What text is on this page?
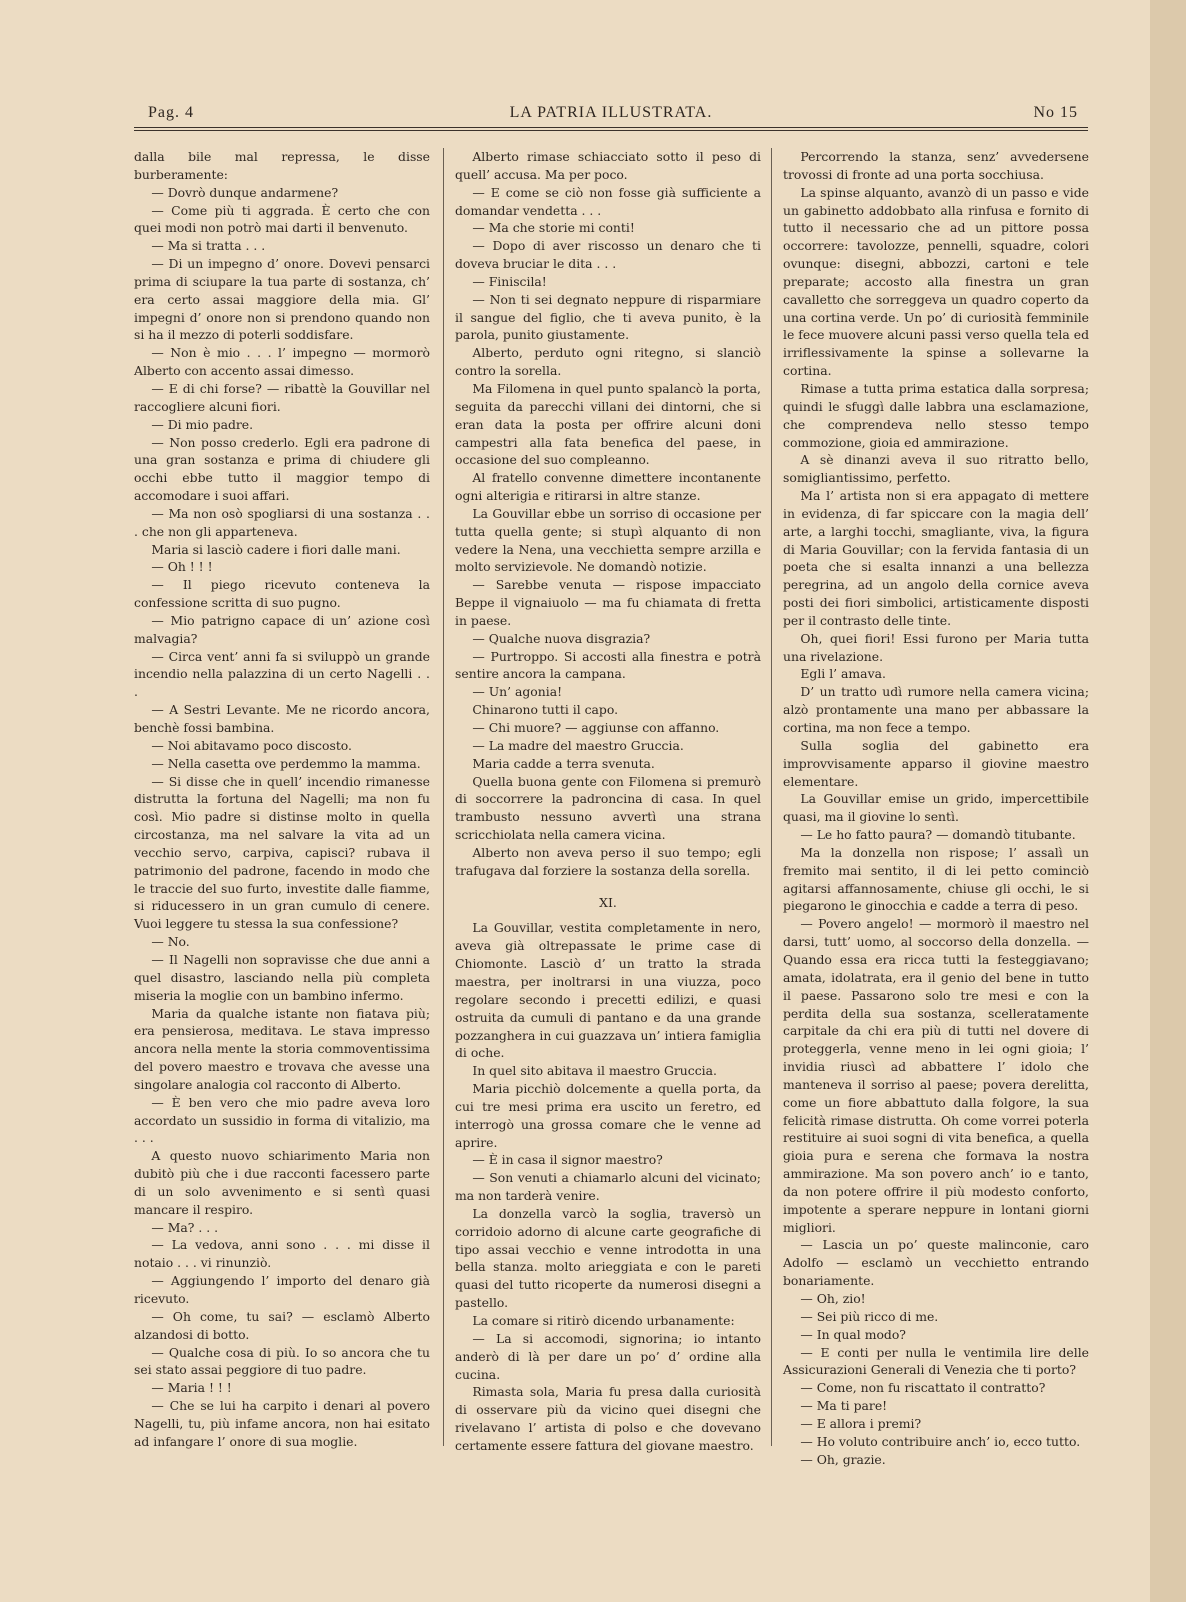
Pag. 4	LA PATRIA ILLUSTRATA.	No 15

dalla bile mal repressa, le disse burberamente:

— Dovrò dunque andarmene?

— Come più ti aggrada. È certo che con quei modi non potrò mai darti il benvenuto.

— Ma si tratta . . .

— Di un impegno d’ onore. Dovevi pensarci prima di sciupare la tua parte di sostanza, ch’ era certo assai maggiore della mia. Gl’ impegni d’ onore non si prendono quando non si ha il mezzo di poterli soddisfare.

— Non è mio . . . l’ impegno — mormorò Alberto con accento assai dimesso.

— E di chi forse? — ribattè la Gouvillar nel raccogliere alcuni fiori.

— Di mio padre.

— Non posso crederlo. Egli era padrone di una gran sostanza e prima di chiudere gli occhi ebbe tutto il maggior tempo di accomodare i suoi affari.

— Ma non osò spogliarsi di una sostanza . . . che non gli apparteneva.

Maria si lasciò cadere i fiori dalle mani.

— Oh ! ! !

— Il piego ricevuto conteneva la confessione scritta di suo pugno.

— Mio patrigno capace di un’ azione così malvagia?

— Circa vent’ anni fa si sviluppò un grande incendio nella palazzina di un certo Nagelli . . .

— A Sestri Levante. Me ne ricordo ancora, benchè fossi bambina.

— Noi abitavamo poco discosto.

— Nella casetta ove perdemmo la mamma.

— Si disse che in quell’ incendio rimanesse distrutta la fortuna del Nagelli; ma non fu così. Mio padre si distinse molto in quella circostanza, ma nel salvare la vita ad un vecchio servo, carpiva, capisci? rubava il patrimonio del padrone, facendo in modo che le traccie del suo furto, investite dalle fiamme, si riducessero in un gran cumulo di cenere. Vuoi leggere tu stessa la sua confessione?

— No.

— Il Nagelli non sopravisse che due anni a quel disastro, lasciando nella più completa miseria la moglie con un bambino infermo.

Maria da qualche istante non fiatava più; era pensierosa, meditava. Le stava impresso ancora nella mente la storia commoventissima del povero maestro e trovava che avesse una singolare analogia col racconto di Alberto.

— È ben vero che mio padre aveva loro accordato un sussidio in forma di vitalizio, ma . . .

A questo nuovo schiarimento Maria non dubitò più che i due racconti facessero parte di un solo avvenimento e si sentì quasi mancare il respiro.

— Ma? . . .

— La vedova, anni sono . . . mi disse il notaio . . . vi rinunziò.

— Aggiungendo l’ importo del denaro già ricevuto.

— Oh come, tu sai? — esclamò Alberto alzandosi di botto.

— Qualche cosa di più. Io so ancora che tu sei stato assai peggiore di tuo padre.

— Maria ! ! !

— Che se lui ha carpito i denari al povero Nagelli, tu, più infame ancora, non hai esitato ad infangare l’ onore di sua moglie.

Alberto rimase schiacciato sotto il peso di quell’ accusa. Ma per poco.

— E come se ciò non fosse già sufficiente a domandar vendetta . . .

— Ma che storie mi conti!

— Dopo di aver riscosso un denaro che ti doveva bruciar le dita . . .

— Finiscila!

— Non ti sei degnato neppure di risparmiare il sangue del figlio, che ti aveva punito, è la parola, punito giustamente.

Alberto, perduto ogni ritegno, si slanciò contro la sorella.

Ma Filomena in quel punto spalancò la porta, seguita da parecchi villani dei dintorni, che si eran data la posta per offrire alcuni doni campestri alla fata benefica del paese, in occasione del suo compleanno.

Al fratello convenne dimettere incontanente ogni alterigia e ritirarsi in altre stanze.

La Gouvillar ebbe un sorriso di occasione per tutta quella gente; si stupì alquanto di non vedere la Nena, una vecchietta sempre arzilla e molto servizievole. Ne domandò notizie.

— Sarebbe venuta — rispose impacciato Beppe il vignaiuolo — ma fu chiamata di fretta in paese.

— Qualche nuova disgrazia?

— Purtroppo. Si accosti alla finestra e potrà sentire ancora la campana.

— Un’ agonia!

Chinarono tutti il capo.

— Chi muore? — aggiunse con affanno.

— La madre del maestro Gruccia.

Maria cadde a terra svenuta.

Quella buona gente con Filomena si premurò di soccorrere la padroncina di casa. In quel trambusto nessuno avvertì una strana scricchiolata nella camera vicina.

Alberto non aveva perso il suo tempo; egli trafugava dal forziere la sostanza della sorella.

XI.

La Gouvillar, vestita completamente in nero, aveva già oltrepassate le prime case di Chiomonte. Lasciò d’ un tratto la strada maestra, per inoltrarsi in una viuzza, poco regolare secondo i precetti edilizi, e quasi ostruita da cumuli di pantano e da una grande pozzanghera in cui guazzava un’ intiera famiglia di oche.

In quel sito abitava il maestro Gruccia.

Maria picchiò dolcemente a quella porta, da cui tre mesi prima era uscito un feretro, ed interrogò una grossa comare che le venne ad aprire.

— È in casa il signor maestro?

— Son venuti a chiamarlo alcuni del vicinato; ma non tarderà venire.

La donzella varcò la soglia, traversò un corridoio adorno di alcune carte geografiche di tipo assai vecchio e venne introdotta in una bella stanza. molto arieggiata e con le pareti quasi del tutto ricoperte da numerosi disegni a pastello.

La comare si ritirò dicendo urbanamente:

— La si accomodi, signorina; io intanto anderò di là per dare un po’ d’ ordine alla cucina.

Rimasta sola, Maria fu presa dalla curiosità di osservare più da vicino quei disegni che rivelavano l’ artista di polso e che dovevano certamente essere fattura del giovane maestro.

Percorrendo la stanza, senz’ avvedersene trovossi di fronte ad una porta socchiusa.

La spinse alquanto, avanzò di un passo e vide un gabinetto addobbato alla rinfusa e fornito di tutto il necessario che ad un pittore possa occorrere: tavolozze, pennelli, squadre, colori ovunque: disegni, abbozzi, cartoni e tele preparate; accosto alla finestra un gran cavalletto che sorreggeva un quadro coperto da una cortina verde. Un po’ di curiosità femminile le fece muovere alcuni passi verso quella tela ed irriflessivamente la spinse a sollevarne la cortina.

Rimase a tutta prima estatica dalla sorpresa; quindi le sfuggì dalle labbra una esclamazione, che comprendeva nello stesso tempo commozione, gioia ed ammirazione.

A sè dinanzi aveva il suo ritratto bello, somigliantissimo, perfetto.

Ma l’ artista non si era appagato di mettere in evidenza, di far spiccare con la magia dell’ arte, a larghi tocchi, smagliante, viva, la figura di Maria Gouvillar; con la fervida fantasia di un poeta che si esalta innanzi a una bellezza peregrina, ad un angolo della cornice aveva posti dei fiori simbolici, artisticamente disposti per il contrasto delle tinte.

Oh, quei fiori! Essi furono per Maria tutta una rivelazione.

Egli l’ amava.

D’ un tratto udì rumore nella camera vicina; alzò prontamente una mano per abbassare la cortina, ma non fece a tempo.

Sulla soglia del gabinetto era improvvisamente apparso il giovine maestro elementare.

La Gouvillar emise un grido, impercettibile quasi, ma il giovine lo sentì.

— Le ho fatto paura? — domandò titubante.

Ma la donzella non rispose; l’ assalì un fremito mai sentito, il di lei petto cominciò agitarsi affannosamente, chiuse gli occhi, le si piegarono le ginocchia e cadde a terra di peso.

— Povero angelo! — mormorò il maestro nel darsi, tutt’ uomo, al soccorso della donzella. — Quando essa era ricca tutti la festeggiavano; amata, idolatrata, era il genio del bene in tutto il paese. Passarono solo tre mesi e con la perdita della sua sostanza, scelleratamente carpitale da chi era più di tutti nel dovere di proteggerla, venne meno in lei ogni gioia; l’ invidia riuscì ad abbattere l’ idolo che manteneva il sorriso al paese; povera derelitta, come un fiore abbattuto dalla folgore, la sua felicità rimase distrutta. Oh come vorrei poterla restituire ai suoi sogni di vita benefica, a quella gioia pura e serena che formava la nostra ammirazione. Ma son povero anch’ io e tanto, da non potere offrire il più modesto conforto, impotente a sperare neppure in lontani giorni migliori.

— Lascia un po’ queste malinconie, caro Adolfo — esclamò un vecchietto entrando bonariamente.

— Oh, zio!

— Sei più ricco di me.

— In qual modo?

— E conti per nulla le ventimila lire delle Assicurazioni Generali di Venezia che ti porto?

— Come, non fu riscattato il contratto?

— Ma ti pare!

— E allora i premi?

— Ho voluto contribuire anch’ io, ecco tutto.

— Oh, grazie.
